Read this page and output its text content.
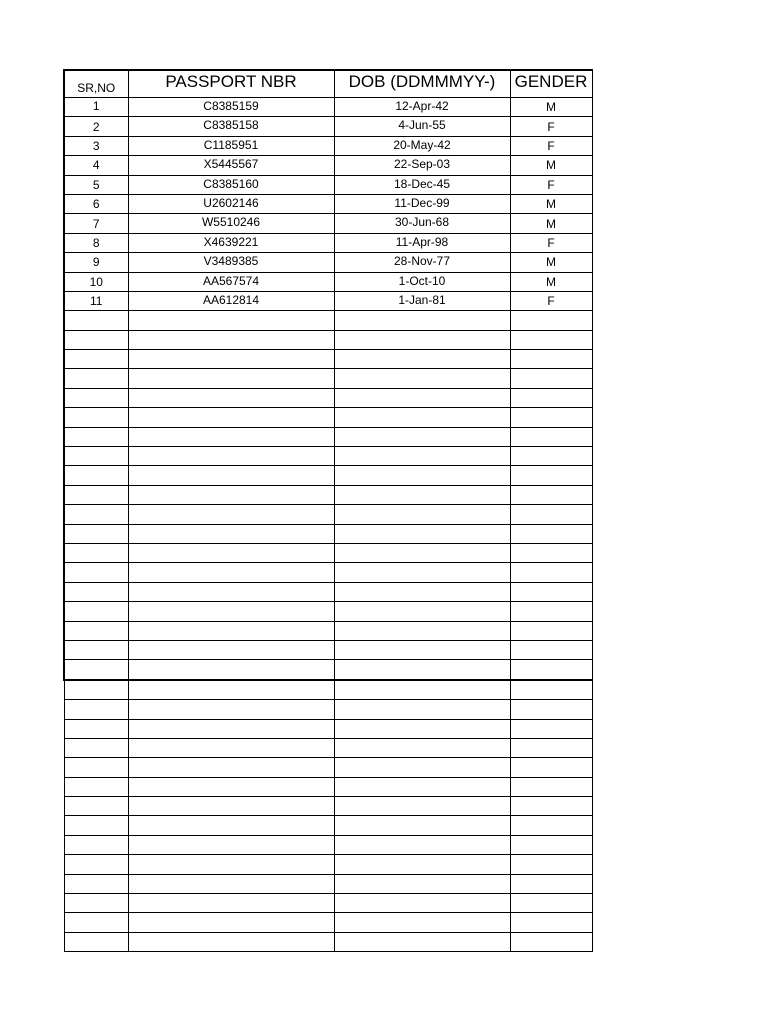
SR,NO	PASSPORT NBR	DOB (DDMMMYY-)	GENDER
1	C8385159	12-Apr-42	M
2	C8385158	4-Jun-55	F
3	C1185951	20-May-42	F
4	X5445567	22-Sep-03	M
5	C8385160	18-Dec-45	F
6	U2602146	11-Dec-99	M
7	W5510246	30-Jun-68	M
8	X4639221	11-Apr-98	F
9	V3489385	28-Nov-77	M
10	AA567574	1-Oct-10	M
11	AA612814	1-Jan-81	F
